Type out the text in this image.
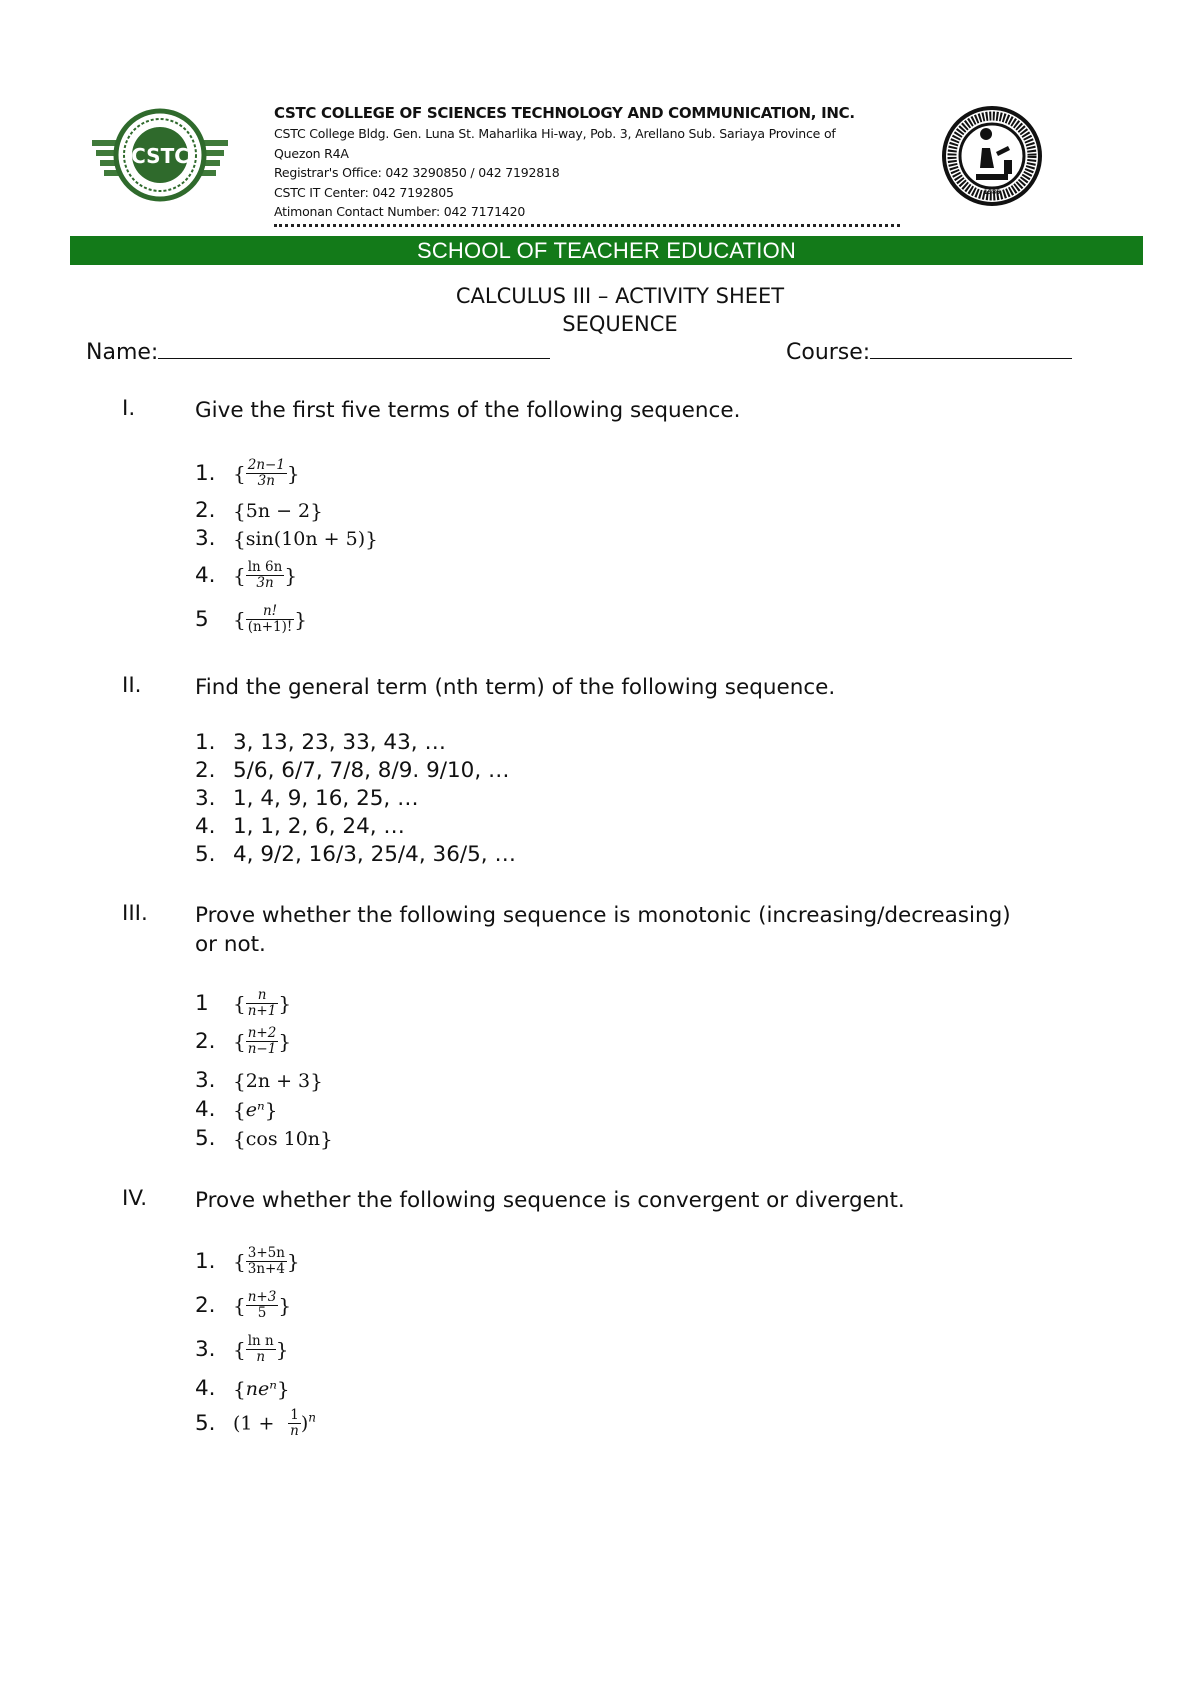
CSTC
1985
CSTC COLLEGE OF SCIENCES TECHNOLOGY AND COMMUNICATION, INC.
CSTC College Bldg. Gen. Luna St. Maharlika Hi-way, Pob. 3, Arellano Sub. Sariaya Province of
Quezon R4A
Registrar's Office: 042 3290850 / 042 7192818
CSTC IT Center: 042 7192805
Atimonan Contact Number: 042 7171420
SCHOOL OF TEACHER EDUCATION
CALCULUS III – ACTIVITY SHEET
SEQUENCE
Name:	Course:
I.	Give the first five terms of the following sequence.
1. { $\frac{2n-1}{3n}$ }
2. {5n − 2}
3. {sin(10n + 5)}
4. { $\frac{\ln 6n}{3n}$ }
5 { $\frac{n!}{(n+1)!}$ }
II. Find the general term (nth term) of the following sequence.
1. 3, 13, 23, 33, 43, …
2. 5/6, 6/7, 7/8, 8/9. 9/10, …
3. 1, 4, 9, 16, 25, …
4. 1, 1, 2, 6, 24, …
5. 4, 9/2, 16/3, 25/4, 36/5, …
III. Prove whether the following sequence is monotonic (increasing/decreasing)
or not.
1 { $\frac{n}{n+1}$ }
2. { $\frac{n+2}{n-1}$ }
3. {2n + 3}
4. {eⁿ}
5. {cos 10n}
IV. Prove whether the following sequence is convergent or divergent.
1. { $\frac{3+5n}{3n+4}$ }
2. { $\frac{n+3}{5}$ }
3. { $\frac{\text{ln n}}{n}$ }
4. {neⁿ}
5. $(1 + \frac{1}{n} )^n$
